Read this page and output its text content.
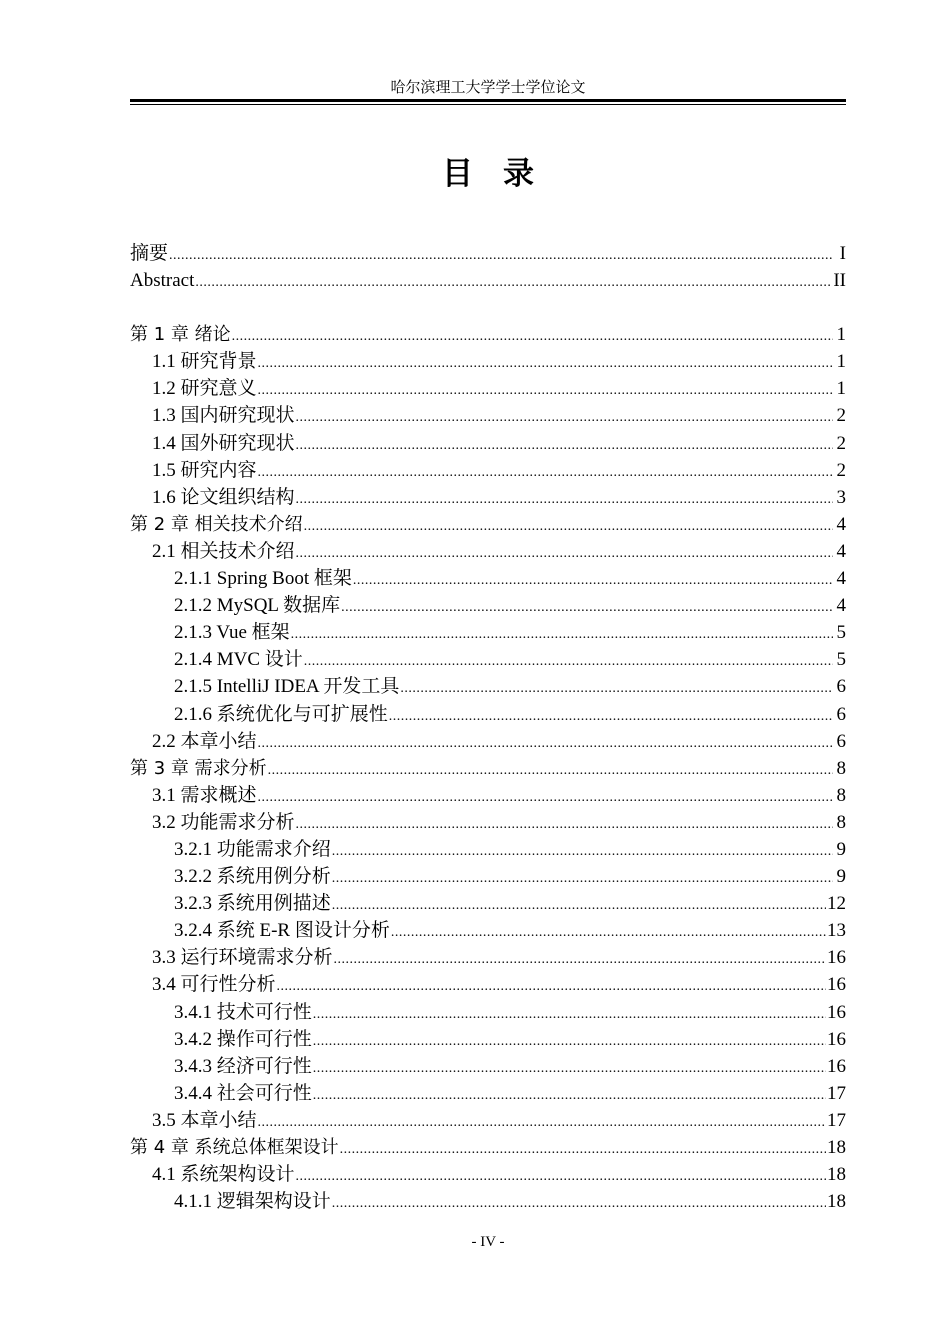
哈尔滨理工大学学士学位论文
目录
摘要 .....	I
Abstract .....	II
第 1 章 绪论 .....	1
1.1 研究背景 .....	1
1.2 研究意义 .....	1
1.3 国内研究现状 .....	2
1.4 国外研究现状 .....	2
1.5 研究内容 .....	2
1.6 论文组织结构 .....	3
第 2 章 相关技术介绍 .....	4
2.1 相关技术介绍 .....	4
2.1.1 Spring Boot 框架 .....	4
2.1.2 MySQL 数据库 .....	4
2.1.3 Vue 框架 .....	5
2.1.4 MVC 设计 .....	5
2.1.5 IntelliJ IDEA 开发工具 .....	6
2.1.6 系统优化与可扩展性 .....	6
2.2 本章小结 .....	6
第 3 章 需求分析 .....	8
3.1 需求概述 .....	8
3.2 功能需求分析 .....	8
3.2.1 功能需求介绍 .....	9
3.2.2 系统用例分析 .....	9
3.2.3 系统用例描述 .....	12
3.2.4 系统 E-R 图设计分析 .....	13
3.3 运行环境需求分析 .....	16
3.4 可行性分析 .....	16
3.4.1 技术可行性 .....	16
3.4.2 操作可行性 .....	16
3.4.3 经济可行性 .....	16
3.4.4 社会可行性 .....	17
3.5 本章小结 .....	17
第 4 章 系统总体框架设计 .....	18
4.1 系统架构设计 .....	18
4.1.1 逻辑架构设计 .....	18
- IV -
